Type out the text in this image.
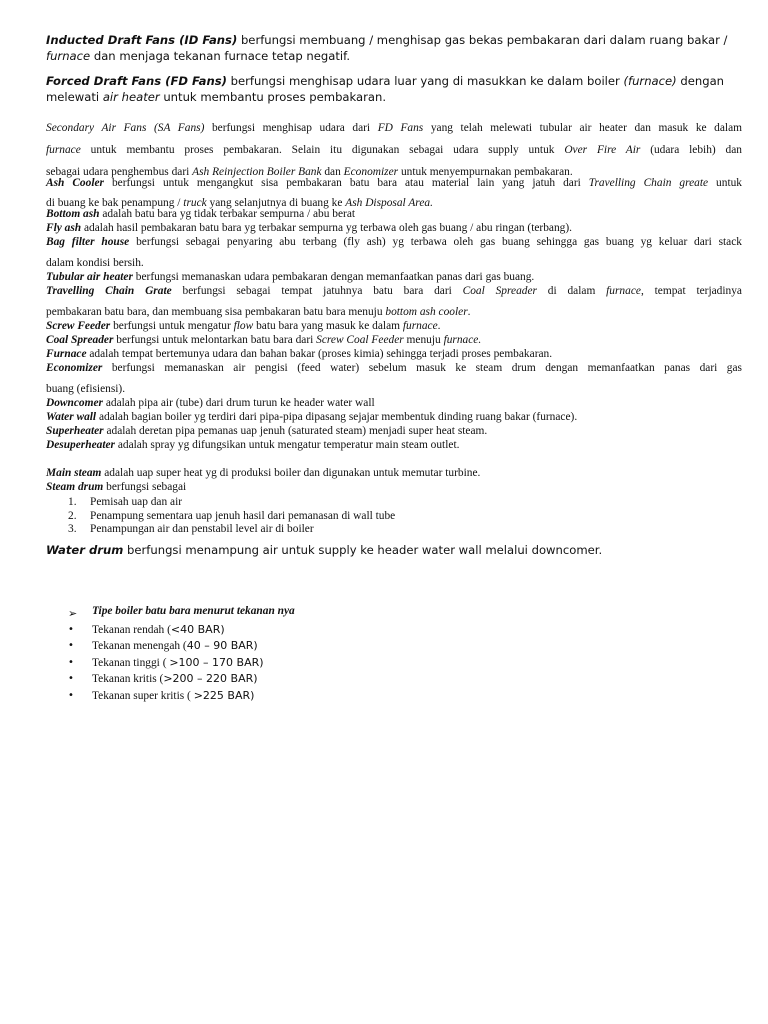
Inducted Draft Fans (ID Fans) berfungsi membuang / menghisap gas bekas pembakaran dari dalam ruang bakar /
furnace dan menjaga tekanan furnace tetap negatif.
Forced Draft Fans (FD Fans) berfungsi menghisap udara luar yang di masukkan ke dalam boiler (furnace) dengan
melewati air heater untuk membantu proses pembakaran.
Secondary Air Fans (SA Fans) berfungsi menghisap udara dari FD Fans yang telah melewati tubular air heater dan masuk ke dalam
furnace untuk membantu proses pembakaran. Selain itu digunakan sebagai udara supply untuk Over Fire Air (udara lebih) dan
sebagai udara penghembus dari Ash Reinjection Boiler Bank dan Economizer untuk menyempurnakan pembakaran.
Ash Cooler berfungsi untuk mengangkut sisa pembakaran batu bara atau material lain yang jatuh dari Travelling Chain greate untuk
di buang ke bak penampung / truck yang selanjutnya di buang ke Ash Disposal Area.
Bottom ash adalah batu bara yg tidak terbakar sempurna / abu berat
Fly ash adalah hasil pembakaran batu bara yg terbakar sempurna yg terbawa oleh gas buang / abu ringan (terbang).
Bag filter house berfungsi sebagai penyaring abu terbang (fly ash) yg terbawa oleh gas buang sehingga gas buang yg keluar dari stack
dalam kondisi bersih.
Tubular air heater berfungsi memanaskan udara pembakaran dengan memanfaatkan panas dari gas buang.
Travelling Chain Grate berfungsi sebagai tempat jatuhnya batu bara dari Coal Spreader di dalam furnace, tempat terjadinya
pembakaran batu bara, dan membuang sisa pembakaran batu bara menuju bottom ash cooler.
Screw Feeder berfungsi untuk mengatur flow batu bara yang masuk ke dalam furnace.
Coal Spreader berfungsi untuk melontarkan batu bara dari Screw Coal Feeder menuju furnace.
Furnace adalah tempat bertemunya udara dan bahan bakar (proses kimia) sehingga terjadi proses pembakaran.
Economizer berfungsi memanaskan air pengisi (feed water) sebelum masuk ke steam drum dengan memanfaatkan panas dari gas
buang (efisiensi).
Downcomer adalah pipa air (tube) dari drum turun ke header water wall
Water wall adalah bagian boiler yg terdiri dari pipa-pipa dipasang sejajar membentuk dinding ruang bakar (furnace).
Superheater adalah deretan pipa pemanas uap jenuh (saturated steam) menjadi super heat steam.
Desuperheater adalah spray yg difungsikan untuk mengatur temperatur main steam outlet.
Main steam adalah uap super heat yg di produksi boiler dan digunakan untuk memutar turbine.
Steam drum berfungsi sebagai
1. Pemisah uap dan air
2. Penampung sementara uap jenuh hasil dari pemanasan di wall tube
3. Penampungan air dan penstabil level air di boiler
Water drum berfungsi menampung air untuk supply ke header water wall melalui downcomer.
➢ Tipe boiler batu bara menurut tekanan nya
• Tekanan rendah (<40 BAR)
• Tekanan menengah (40 – 90 BAR)
• Tekanan tinggi ( >100 – 170 BAR)
• Tekanan kritis (>200 – 220 BAR)
• Tekanan super kritis ( >225 BAR)
